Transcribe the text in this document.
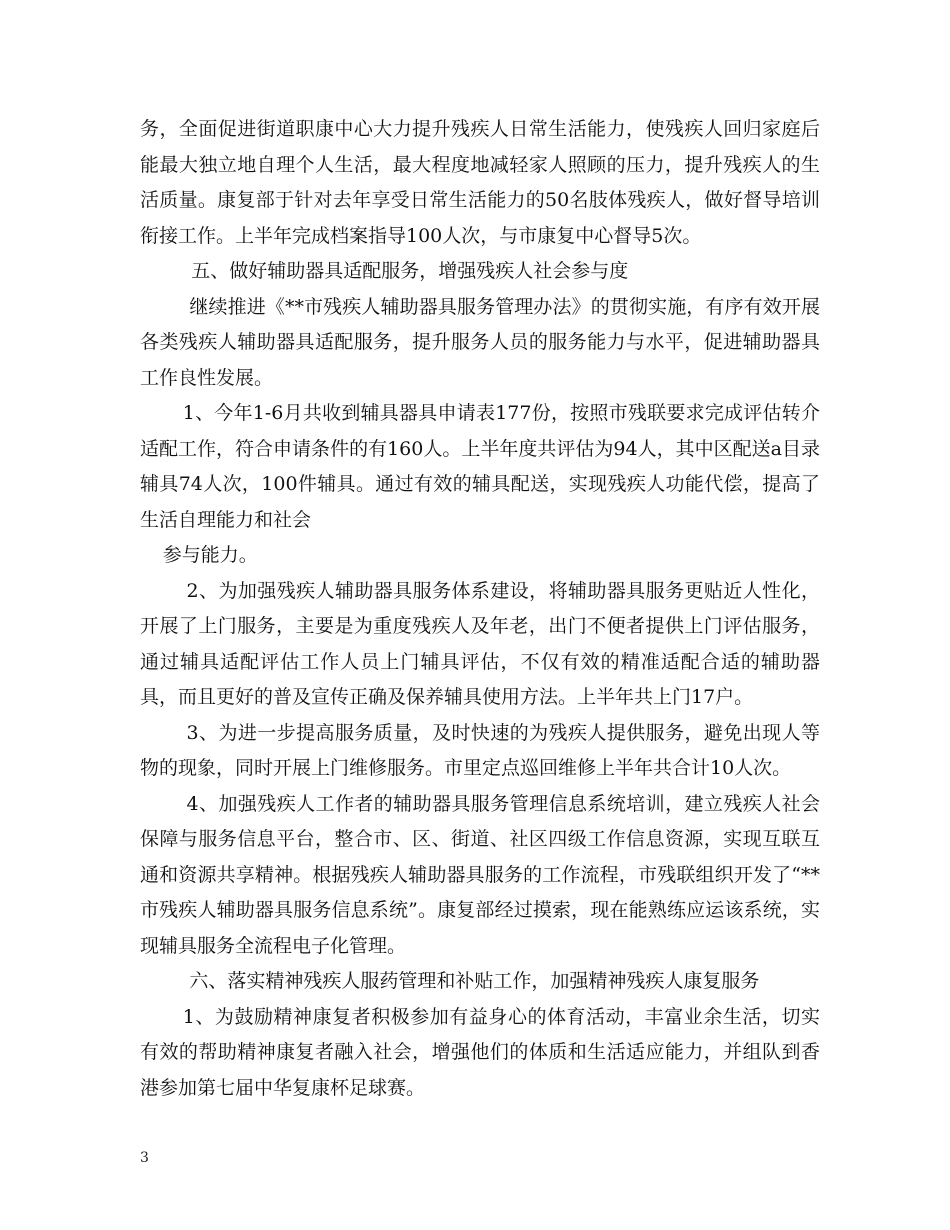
务，全面促进街道职康中心大力提升残疾人日常生活能力，使残疾人回归家庭后能最大独立地自理个人生活，最大程度地减轻家人照顾的压力，提升残疾人的生活质量。康复部于针对去年享受日常生活能力的50名肢体残疾人，做好督导培训衔接工作。上半年完成档案指导100人次，与市康复中心督导5次。

五、做好辅助器具适配服务，增强残疾人社会参与度

继续推进《**市残疾人辅助器具服务管理办法》的贯彻实施，有序有效开展各类残疾人辅助器具适配服务，提升服务人员的服务能力与水平，促进辅助器具工作良性发展。

1、今年1-6月共收到辅具器具申请表177份，按照市残联要求完成评估转介适配工作，符合申请条件的有160人。上半年度共评估为94人，其中区配送a目录辅具74人次，100件辅具。通过有效的辅具配送，实现残疾人功能代偿，提高了生活自理能力和社会

参与能力。

2、为加强残疾人辅助器具服务体系建设，将辅助器具服务更贴近人性化，开展了上门服务，主要是为重度残疾人及年老，出门不便者提供上门评估服务，通过辅具适配评估工作人员上门辅具评估，不仅有效的精准适配合适的辅助器具，而且更好的普及宣传正确及保养辅具使用方法。上半年共上门17户。

3、为进一步提高服务质量，及时快速的为残疾人提供服务，避免出现人等物的现象，同时开展上门维修服务。市里定点巡回维修上半年共合计10人次。

4、加强残疾人工作者的辅助器具服务管理信息系统培训，建立残疾人社会保障与服务信息平台，整合市、区、街道、社区四级工作信息资源，实现互联互通和资源共享精神。根据残疾人辅助器具服务的工作流程，市残联组织开发了“**市残疾人辅助器具服务信息系统”。康复部经过摸索，现在能熟练应运该系统，实现辅具服务全流程电子化管理。

六、落实精神残疾人服药管理和补贴工作，加强精神残疾人康复服务

1、为鼓励精神康复者积极参加有益身心的体育活动，丰富业余生活，切实有效的帮助精神康复者融入社会，增强他们的体质和生活适应能力，并组队到香港参加第七届中华复康杯足球赛。

3
